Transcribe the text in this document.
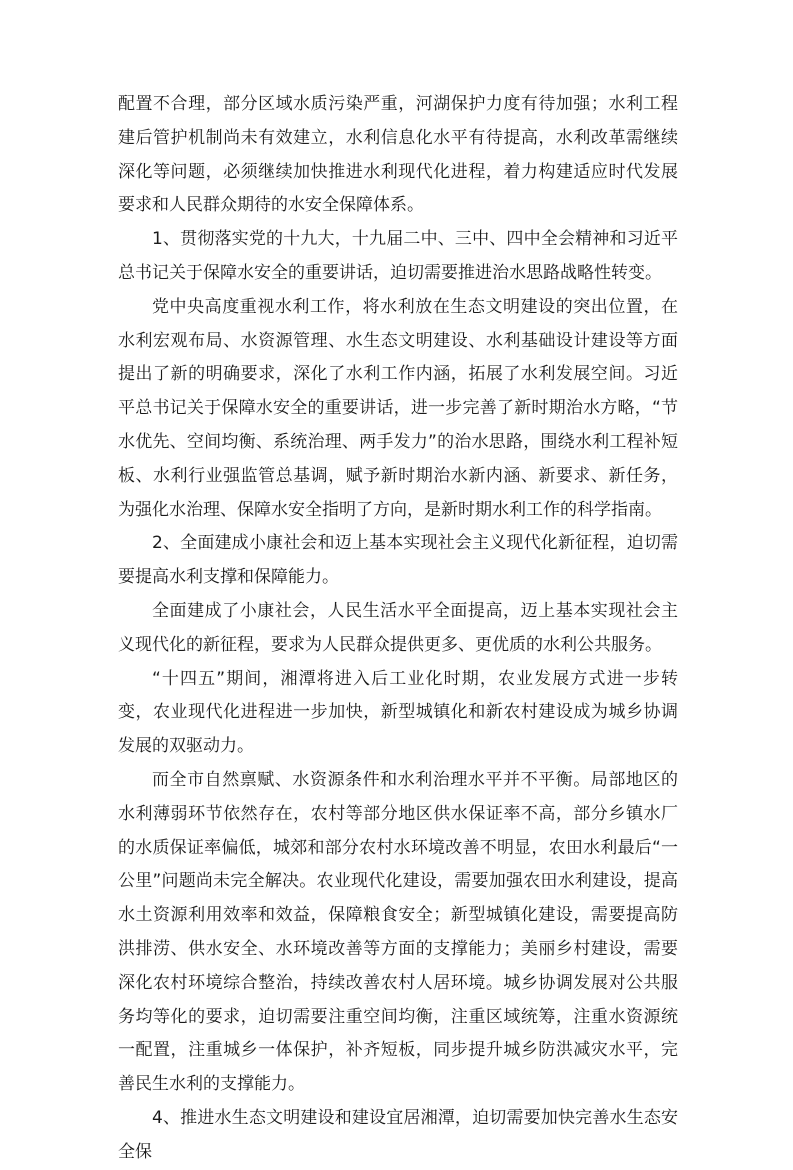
配置不合理，部分区域水质污染严重，河湖保护力度有待加强；水利工程建后管护机制尚未有效建立，水利信息化水平有待提高，水利改革需继续深化等问题，必须继续加快推进水利现代化进程，着力构建适应时代发展要求和人民群众期待的水安全保障体系。

1、贯彻落实党的十九大，十九届二中、三中、四中全会精神和习近平总书记关于保障水安全的重要讲话，迫切需要推进治水思路战略性转变。

党中央高度重视水利工作，将水利放在生态文明建设的突出位置，在水利宏观布局、水资源管理、水生态文明建设、水利基础设计建设等方面提出了新的明确要求，深化了水利工作内涵，拓展了水利发展空间。习近平总书记关于保障水安全的重要讲话，进一步完善了新时期治水方略，“节水优先、空间均衡、系统治理、两手发力”的治水思路，围绕水利工程补短板、水利行业强监管总基调，赋予新时期治水新内涵、新要求、新任务，为强化水治理、保障水安全指明了方向，是新时期水利工作的科学指南。

2、全面建成小康社会和迈上基本实现社会主义现代化新征程，迫切需要提高水利支撑和保障能力。

全面建成了小康社会，人民生活水平全面提高，迈上基本实现社会主义现代化的新征程，要求为人民群众提供更多、更优质的水利公共服务。

“十四五”期间，湘潭将进入后工业化时期，农业发展方式进一步转变，农业现代化进程进一步加快，新型城镇化和新农村建设成为城乡协调发展的双驱动力。

而全市自然禀赋、水资源条件和水利治理水平并不平衡。局部地区的水利薄弱环节依然存在，农村等部分地区供水保证率不高，部分乡镇水厂的水质保证率偏低，城郊和部分农村水环境改善不明显，农田水利最后“一公里”问题尚未完全解决。农业现代化建设，需要加强农田水利建设，提高水土资源利用效率和效益，保障粮食安全；新型城镇化建设，需要提高防洪排涝、供水安全、水环境改善等方面的支撑能力；美丽乡村建设，需要深化农村环境综合整治，持续改善农村人居环境。城乡协调发展对公共服务均等化的要求，迫切需要注重空间均衡，注重区域统筹，注重水资源统一配置，注重城乡一体保护，补齐短板，同步提升城乡防洪减灾水平，完善民生水利的支撑能力。

4、推进水生态文明建设和建设宜居湘潭，迫切需要加快完善水生态安全保
